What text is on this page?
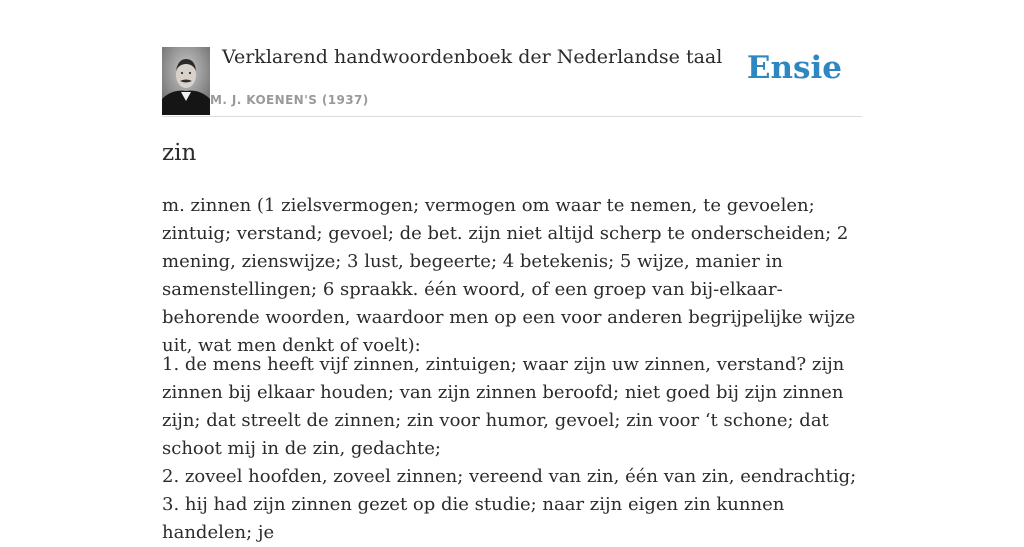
Verklarend handwoordenboek der Nederlandse taal
M. J. KOENEN'S (1937)
Ensie
zin

m. zinnen (1 zielsvermogen; vermogen om waar te nemen, te gevoelen; zintuig; verstand; gevoel; de bet. zijn niet altijd scherp te onderscheiden; 2 mening, zienswijze; 3 lust, begeerte; 4 betekenis; 5 wijze, manier in samenstellingen; 6 spraakk. één woord, of een groep van bij-elkaar-behorende woorden, waardoor men op een voor anderen begrijpelijke wijze uit, wat men denkt of voelt):

1. de mens heeft vijf zinnen, zintuigen; waar zijn uw zinnen, verstand? zijn zinnen bij elkaar houden; van zijn zinnen beroofd; niet goed bij zijn zinnen zijn; dat streelt de zinnen; zin voor humor, gevoel; zin voor ‘t schone; dat schoot mij in de zin, gedachte;
2. zoveel hoofden, zoveel zinnen; vereend van zin, één van zin, eendrachtig;
3. hij had zijn zinnen gezet op die studie; naar zijn eigen zin kunnen handelen; je
